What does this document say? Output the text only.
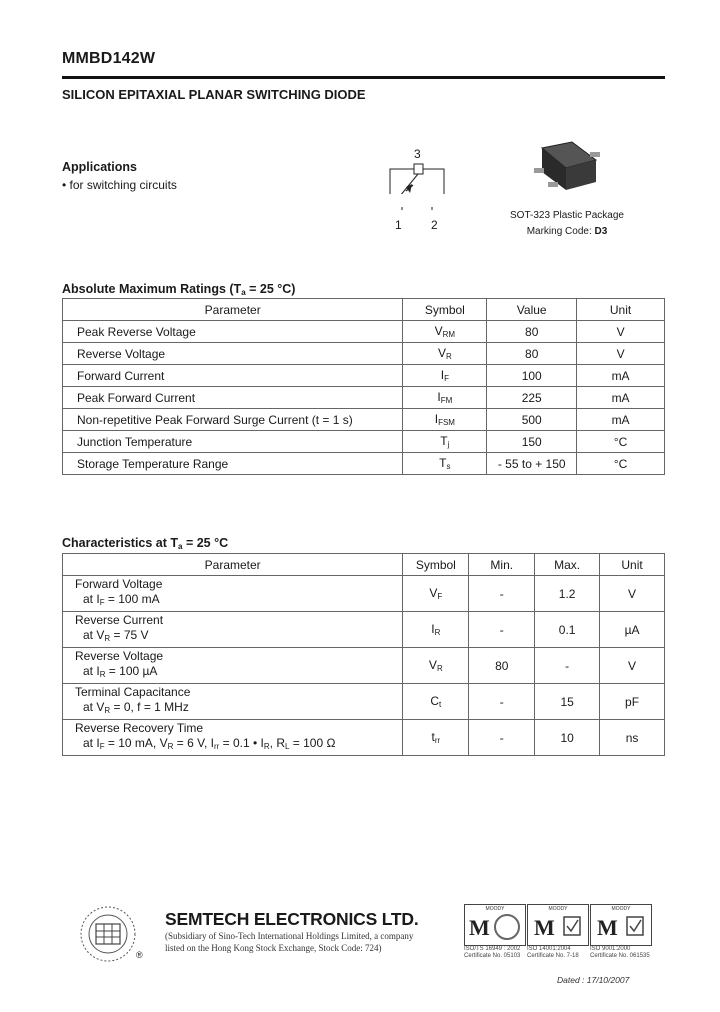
MMBD142W
SILICON EPITAXIAL PLANAR SWITCHING DIODE
Applications
• for switching circuits
3
1 2
SOT-323 Plastic Package
Marking Code: D3
Absolute Maximum Ratings ($T_a = 25$ °C)
Parameter	Symbol	Value	Unit
Peak Reverse Voltage	$V_{RM}$	80	V
Reverse Voltage	$V_R$	80	V
Forward Current	$I_F$	100	mA
Peak Forward Current	$I_{FM}$	225	mA
Non-repetitive Peak Forward Surge Current (t = 1 s)	$I_{FSM}$	500	mA
Junction Temperature	$T_j$	150	°C
Storage Temperature Range	$T_s$	- 55 to + 150	°C
Characteristics at $T_a = 25$ °C
Parameter	Symbol	Min.	Max.	Unit

Forward Voltage
at $I_F = 100$ mA	$V_F$	-	1.2	V

Reverse Current
at $V_R = 75$ V	$I_R$	-	0.1	µA

Reverse Voltage
at $I_R = 100$ µA	$V_R$	80	-	V

Terminal Capacitance
at $V_R = 0$, f = 1 MHz	$C_t$	-	15	pF

Reverse Recovery Time
at $I_F = 10$ mA, $V_R = 6$ V, $I_{rr} = 0.1$ • $I_R$, $R_L = 100$ Ω	$t_{rr}$	-	10	ns
®
SEMTECH ELECTRONICS LTD.
(Subsidiary of Sino-Tech International Holdings Limited, a company
listed on the Hong Kong Stock Exchange, Stock Code: 724)
MOODY
M
ISO/TS 16949 : 2002
Certificate No. 05103
MOODY
M
ISO 14001:2004
Certificate No. 7-18
MOODY
M
ISO 9001:2000
Certificate No. 061535
Dated : 17/10/2007
